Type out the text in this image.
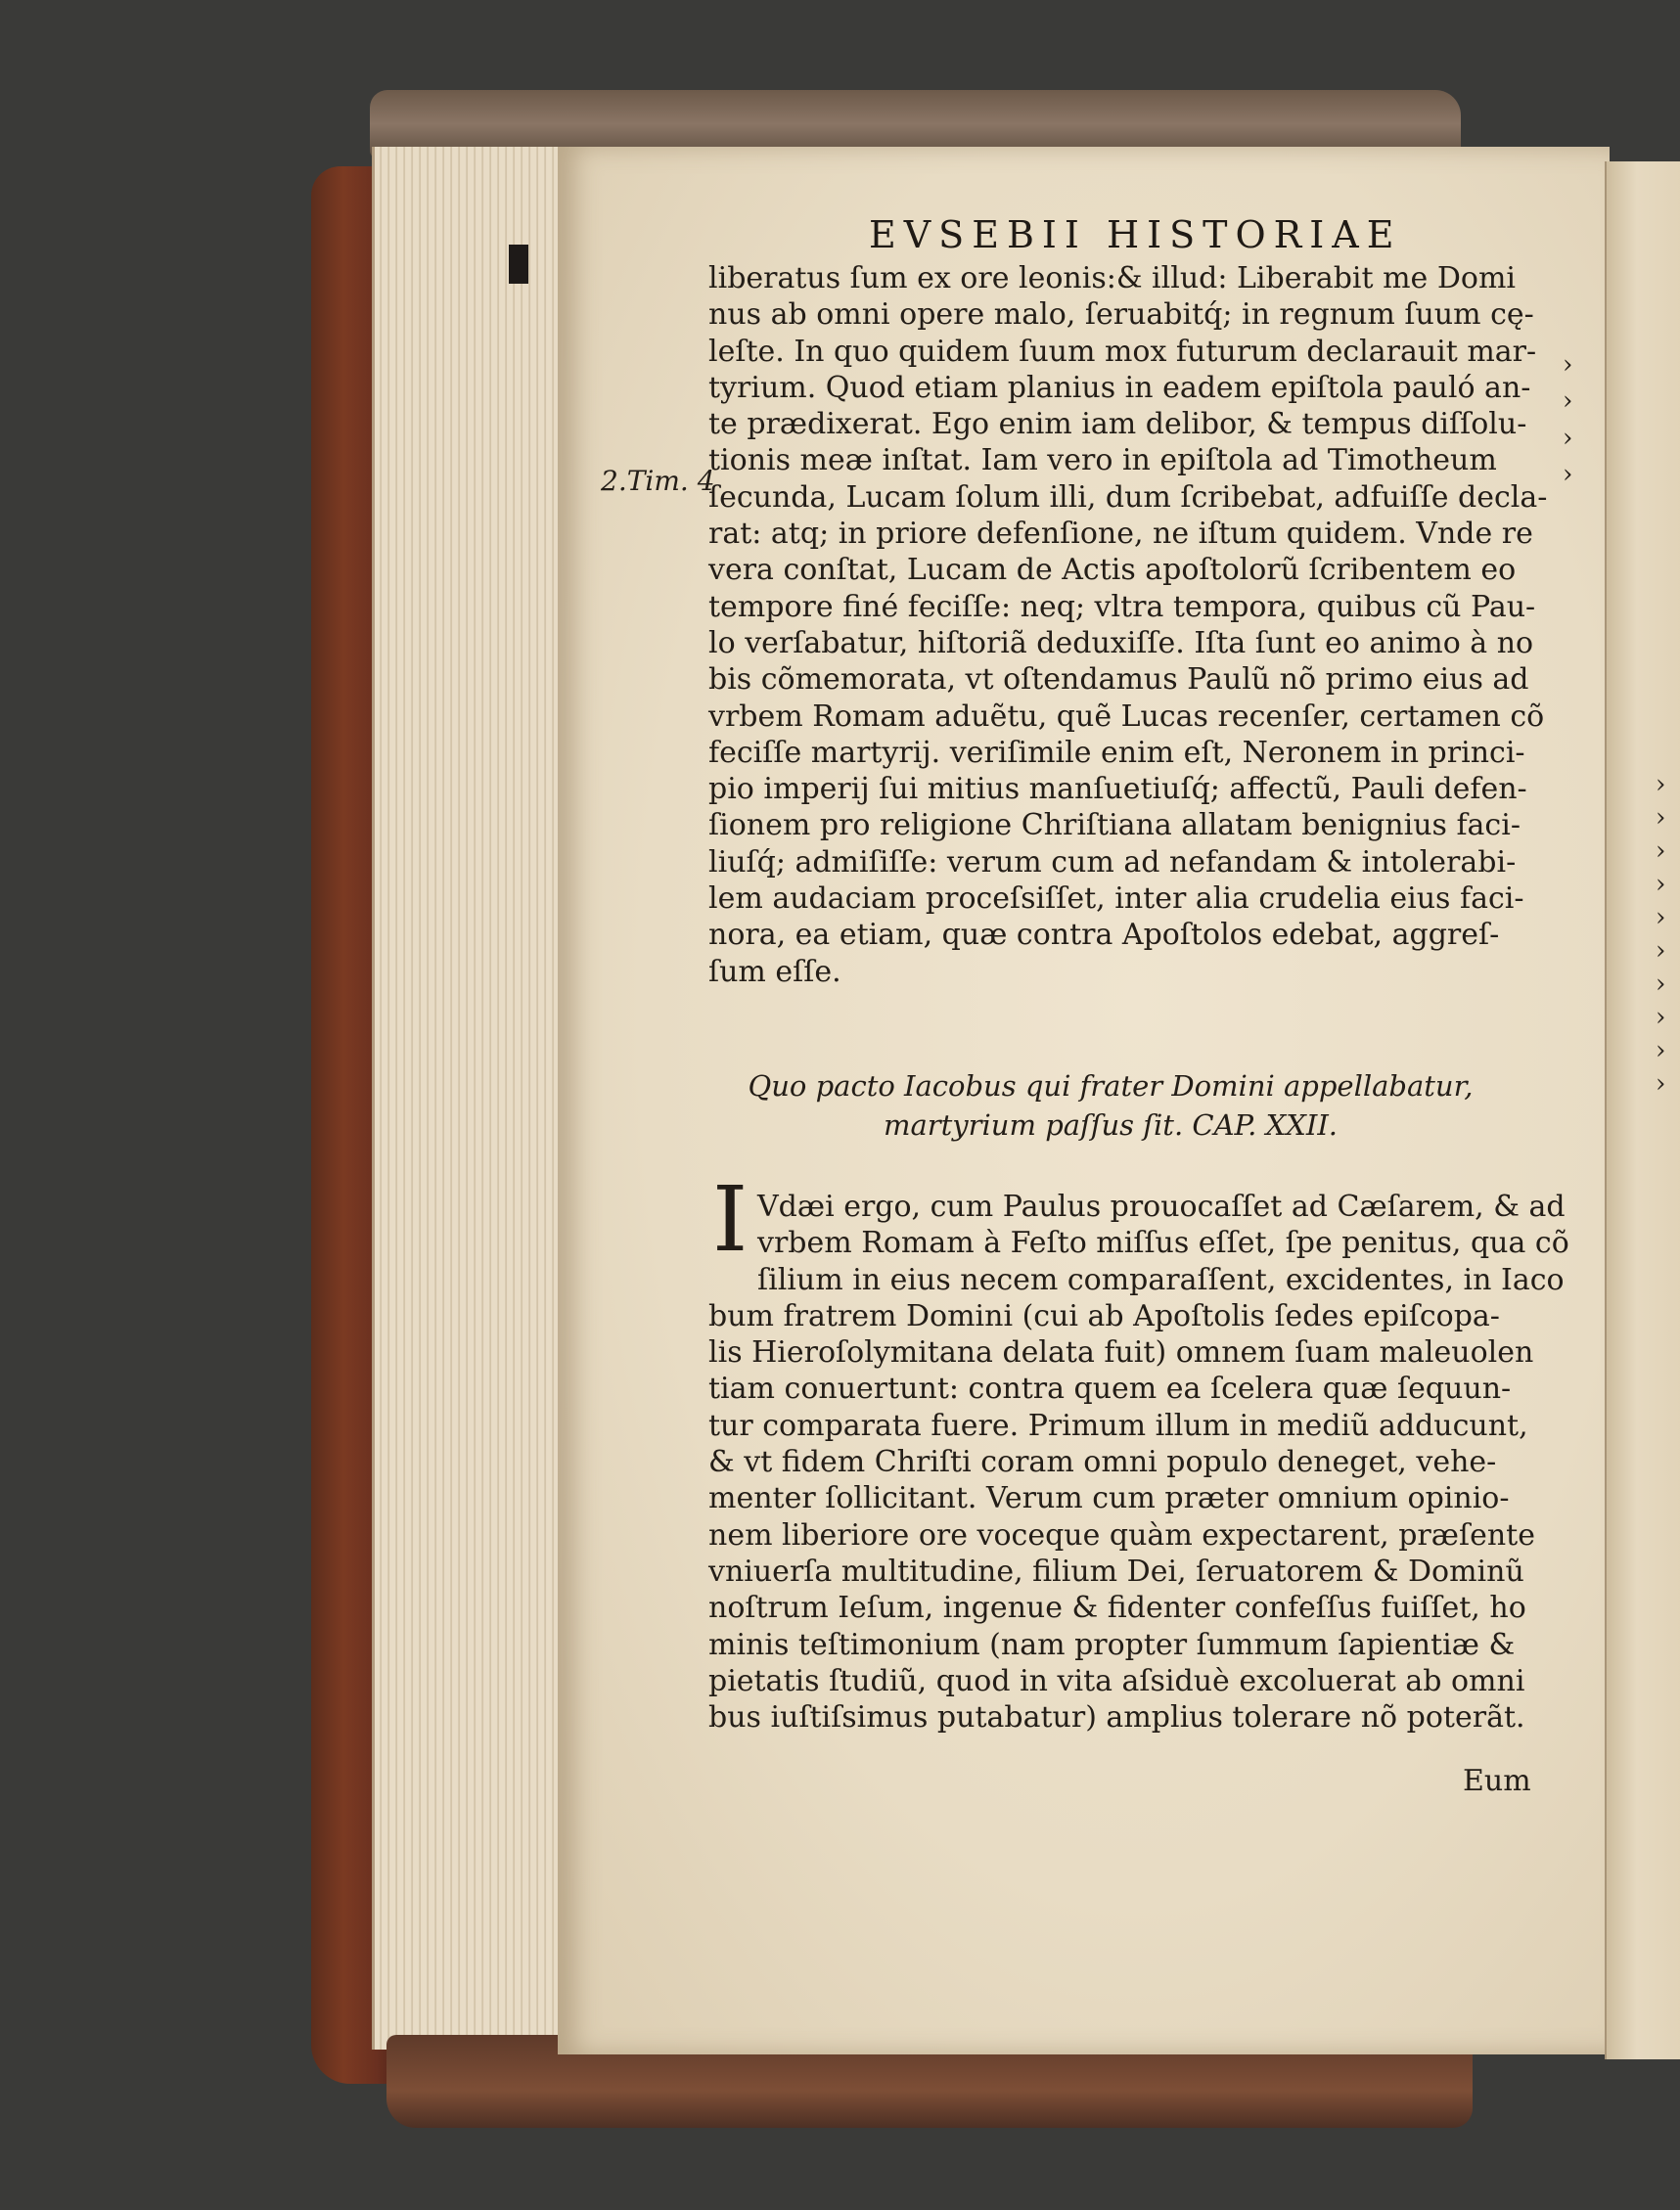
›
›
›
›
›
›
›
›
›
›
EVSEBII HISTORIAE
2.Tim. 4
›
›
›
›
liberatus ſum ex ore leonis:& illud: Liberabit me Domi
nus ab omni opere malo, ſeruabitq́; in regnum ſuum cę-
leſte. In quo quidem ſuum mox futurum declarauit mar-
tyrium. Quod etiam planius in eadem epiſtola pauló an-
te prædixerat. Ego enim iam delibor, & tempus diſſolu-
tionis meæ inſtat. Iam vero in epiſtola ad Timotheum
ſecunda, Lucam ſolum illi, dum ſcribebat, adfuiſſe decla-
rat: atq; in priore defenſione, ne iſtum quidem. Vnde re
vera conſtat, Lucam de Actis apoſtolorũ ſcribentem eo
tempore finé feciſſe: neq; vltra tempora, quibus cũ Pau-
lo verſabatur, hiſtoriã deduxiſſe. Iſta ſunt eo animo à no
bis cõmemorata, vt oſtendamus Paulũ nõ primo eius ad
vrbem Romam aduẽtu, quẽ Lucas recenſer, certamen cõ
feciſſe martyrij. veriſimile enim eſt, Neronem in princi-
pio imperij ſui mitius manſuetiuſq́; affectũ, Pauli defen-
ſionem pro religione Chriſtiana allatam benignius faci-
liuſq́; admiſiſſe: verum cum ad nefandam & intolerabi-
lem audaciam proceſsiſſet, inter alia crudelia eius faci-
nora, ea etiam, quæ contra Apoſtolos edebat, aggreſ-
ſum eſſe.
Quo pacto Iacobus qui frater Domini appellabatur,
martyrium paſſus ſit. CAP. XXII.
I Vdæi ergo, cum Paulus prouocaſſet ad Cæſarem, & ad
vrbem Romam à Feſto miſſus eſſet, ſpe penitus, qua cõ
ſilium in eius necem comparaſſent, excidentes, in Iaco
bum fratrem Domini (cui ab Apoſtolis ſedes epiſcopa-
lis Hieroſolymitana delata fuit) omnem ſuam maleuolen
tiam conuertunt: contra quem ea ſcelera quæ ſequun-
tur comparata fuere. Primum illum in mediũ adducunt,
& vt fidem Chriſti coram omni populo deneget, vehe-
menter ſollicitant. Verum cum præter omnium opinio-
nem liberiore ore voceque quàm expectarent, præſente
vniuerſa multitudine, filium Dei, ſeruatorem & Dominũ
noſtrum Ieſum, ingenue & fidenter confeſſus fuiſſet, ho
minis teſtimonium (nam propter ſummum ſapientiæ &
pietatis ſtudiũ, quod in vita aſsiduè excoluerat ab omni
bus iuſtiſsimus putabatur) amplius tolerare nõ poterãt.
Eum
